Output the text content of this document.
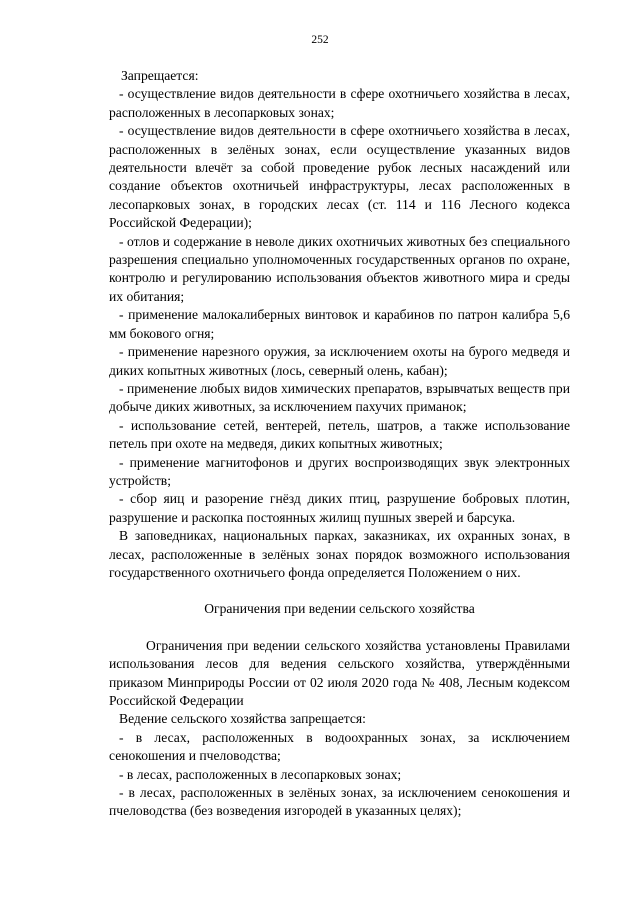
252

Запрещается:

- осуществление видов деятельности в сфере охотничьего хозяйства в лесах, расположенных в лесопарковых зонах;

- осуществление видов деятельности в сфере охотничьего хозяйства в лесах, расположенных в зелёных зонах, если осуществление указанных видов деятельности влечёт за собой проведение рубок лесных насаждений или создание объектов охотничьей инфраструктуры, лесах расположенных в лесопарковых зонах, в городских лесах (ст. 114 и 116 Лесного кодекса Российской Федерации);

- отлов и содержание в неволе диких охотничьих животных без специального разрешения специально уполномоченных государственных органов по охране, контролю и регулированию использования объектов животного мира и среды их обитания;

- применение малокалиберных винтовок и карабинов по патрон калибра 5,6 мм бокового огня;

- применение нарезного оружия, за исключением охоты на бурого медведя и диких копытных животных (лось, северный олень, кабан);

- применение любых видов химических препаратов, взрывчатых веществ при добыче диких животных, за исключением пахучих приманок;

- использование сетей, вентерей, петель, шатров, а также использование петель при охоте на медведя, диких копытных животных;

- применение магнитофонов и других воспроизводящих звук электронных устройств;

- сбор яиц и разорение гнёзд диких птиц, разрушение бобровых плотин, разрушение и раскопка постоянных жилищ пушных зверей и барсука.

В заповедниках, национальных парках, заказниках, их охранных зонах, в лесах, расположенные в зелёных зонах порядок возможного использования государственного охотничьего фонда определяется Положением о них.

Ограничения при ведении сельского хозяйства

Ограничения при ведении сельского хозяйства установлены Правилами использования лесов для ведения сельского хозяйства, утверждёнными приказом Минприроды России от 02 июля 2020 года № 408, Лесным кодексом Российской Федерации

Ведение сельского хозяйства запрещается:

- в лесах, расположенных в водоохранных зонах, за исключением сенокошения и пчеловодства;

- в лесах, расположенных в лесопарковых зонах;

- в лесах, расположенных в зелёных зонах, за исключением сенокошения и пчеловодства (без возведения изгородей в указанных целях);
